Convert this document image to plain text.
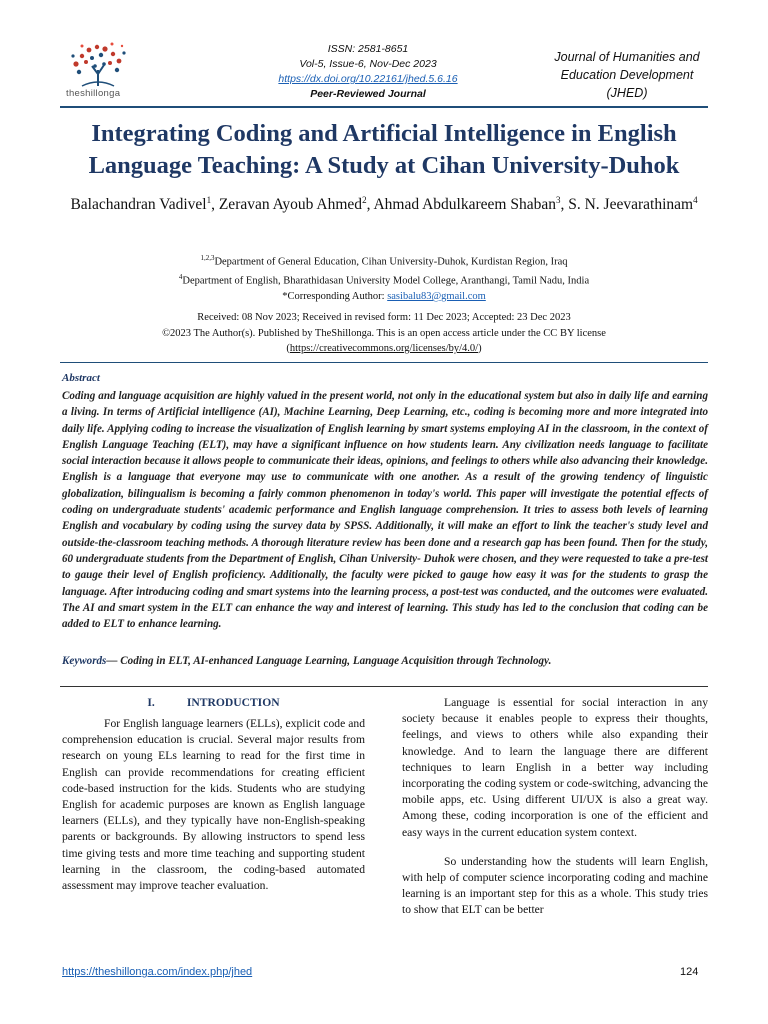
theshillonga
ISSN: 2581-8651
Vol-5, Issue-6, Nov-Dec 2023
https://dx.doi.org/10.22161/jhed.5.6.16
Peer-Reviewed Journal
Journal of Humanities and
Education Development
(JHED)
Integrating Coding and Artificial Intelligence in English Language Teaching: A Study at Cihan University-Duhok
Balachandran Vadivel$^1$, Zeravan Ayoub Ahmed$^2$, Ahmad Abdulkareem Shaban$^3$, S. N. Jeevarathinam$^4$
$^{1,2,3}$Department of General Education, Cihan University-Duhok, Kurdistan Region, Iraq
$^4$Department of English, Bharathidasan University Model College, Aranthangi, Tamil Nadu, India
*Corresponding Author: sasibalu83@gmail.com
Received: 08 Nov 2023; Received in revised form: 11 Dec 2023; Accepted: 23 Dec 2023
©2023 The Author(s). Published by TheShillonga. This is an open access article under the CC BY license
(https://creativecommons.org/licenses/by/4.0/)
Abstract
Coding and language acquisition are highly valued in the present world, not only in the educational system but also in daily life and earning a living. In terms of Artificial intelligence (AI), Machine Learning, Deep Learning, etc., coding is becoming more and more integrated into daily life. Applying coding to increase the visualization of English learning by smart systems employing AI in the classroom, in the context of English Language Teaching (ELT), may have a significant influence on how students learn. Any civilization needs language to facilitate social interaction because it allows people to communicate their ideas, opinions, and feelings to others while also advancing their knowledge. English is a language that everyone may use to communicate with one another. As a result of the growing tendency of linguistic globalization, bilingualism is becoming a fairly common phenomenon in today's world. This paper will investigate the potential effects of coding on undergraduate students' academic performance and English language comprehension. It tries to assess both levels of learning English and vocabulary by coding using the survey data by SPSS. Additionally, it will make an effort to link the teacher's study level and outside-the-classroom teaching methods. A thorough literature review has been done and a research gap has been found. Then for the study, 60 undergraduate students from the Department of English, Cihan University- Duhok were chosen, and they were requested to take a pre-test to gauge their level of English proficiency. Additionally, the faculty were picked to gauge how easy it was for the students to grasp the language. After introducing coding and smart systems into the learning process, a post-test was conducted, and the outcomes were evaluated. The AI and smart system in the ELT can enhance the way and interest of learning. This study has led to the conclusion that coding can be added to ELT to enhance learning.
Keywords— Coding in ELT, AI-enhanced Language Learning, Language Acquisition through Technology.
I.	INTRODUCTION

For English language learners (ELLs), explicit code and comprehension education is crucial. Several major results from research on young ELs learning to read for the first time in English can provide recommendations for creating efficient code-based instruction for the kids. Students who are studying English for academic purposes are known as English language learners (ELLs), and they typically have non-English-speaking parents or backgrounds. By allowing instructors to spend less time giving tests and more time teaching and supporting student learning in the classroom, the coding-based automated assessment may improve teacher evaluation.

Language is essential for social interaction in any society because it enables people to express their thoughts, feelings, and views to others while also expanding their knowledge. And to learn the language there are different techniques to learn English in a better way including incorporating the coding system or code-switching, advancing the mobile apps, etc. Using different UI/UX is also a great way. Among these, coding incorporation is one of the efficient and easy ways in the current education system context.

So understanding how the students will learn English, with help of computer science incorporating coding and machine learning is an important step for this as a whole. This study tries to show that ELT can be better

https://theshillonga.com/index.php/jhed	124
